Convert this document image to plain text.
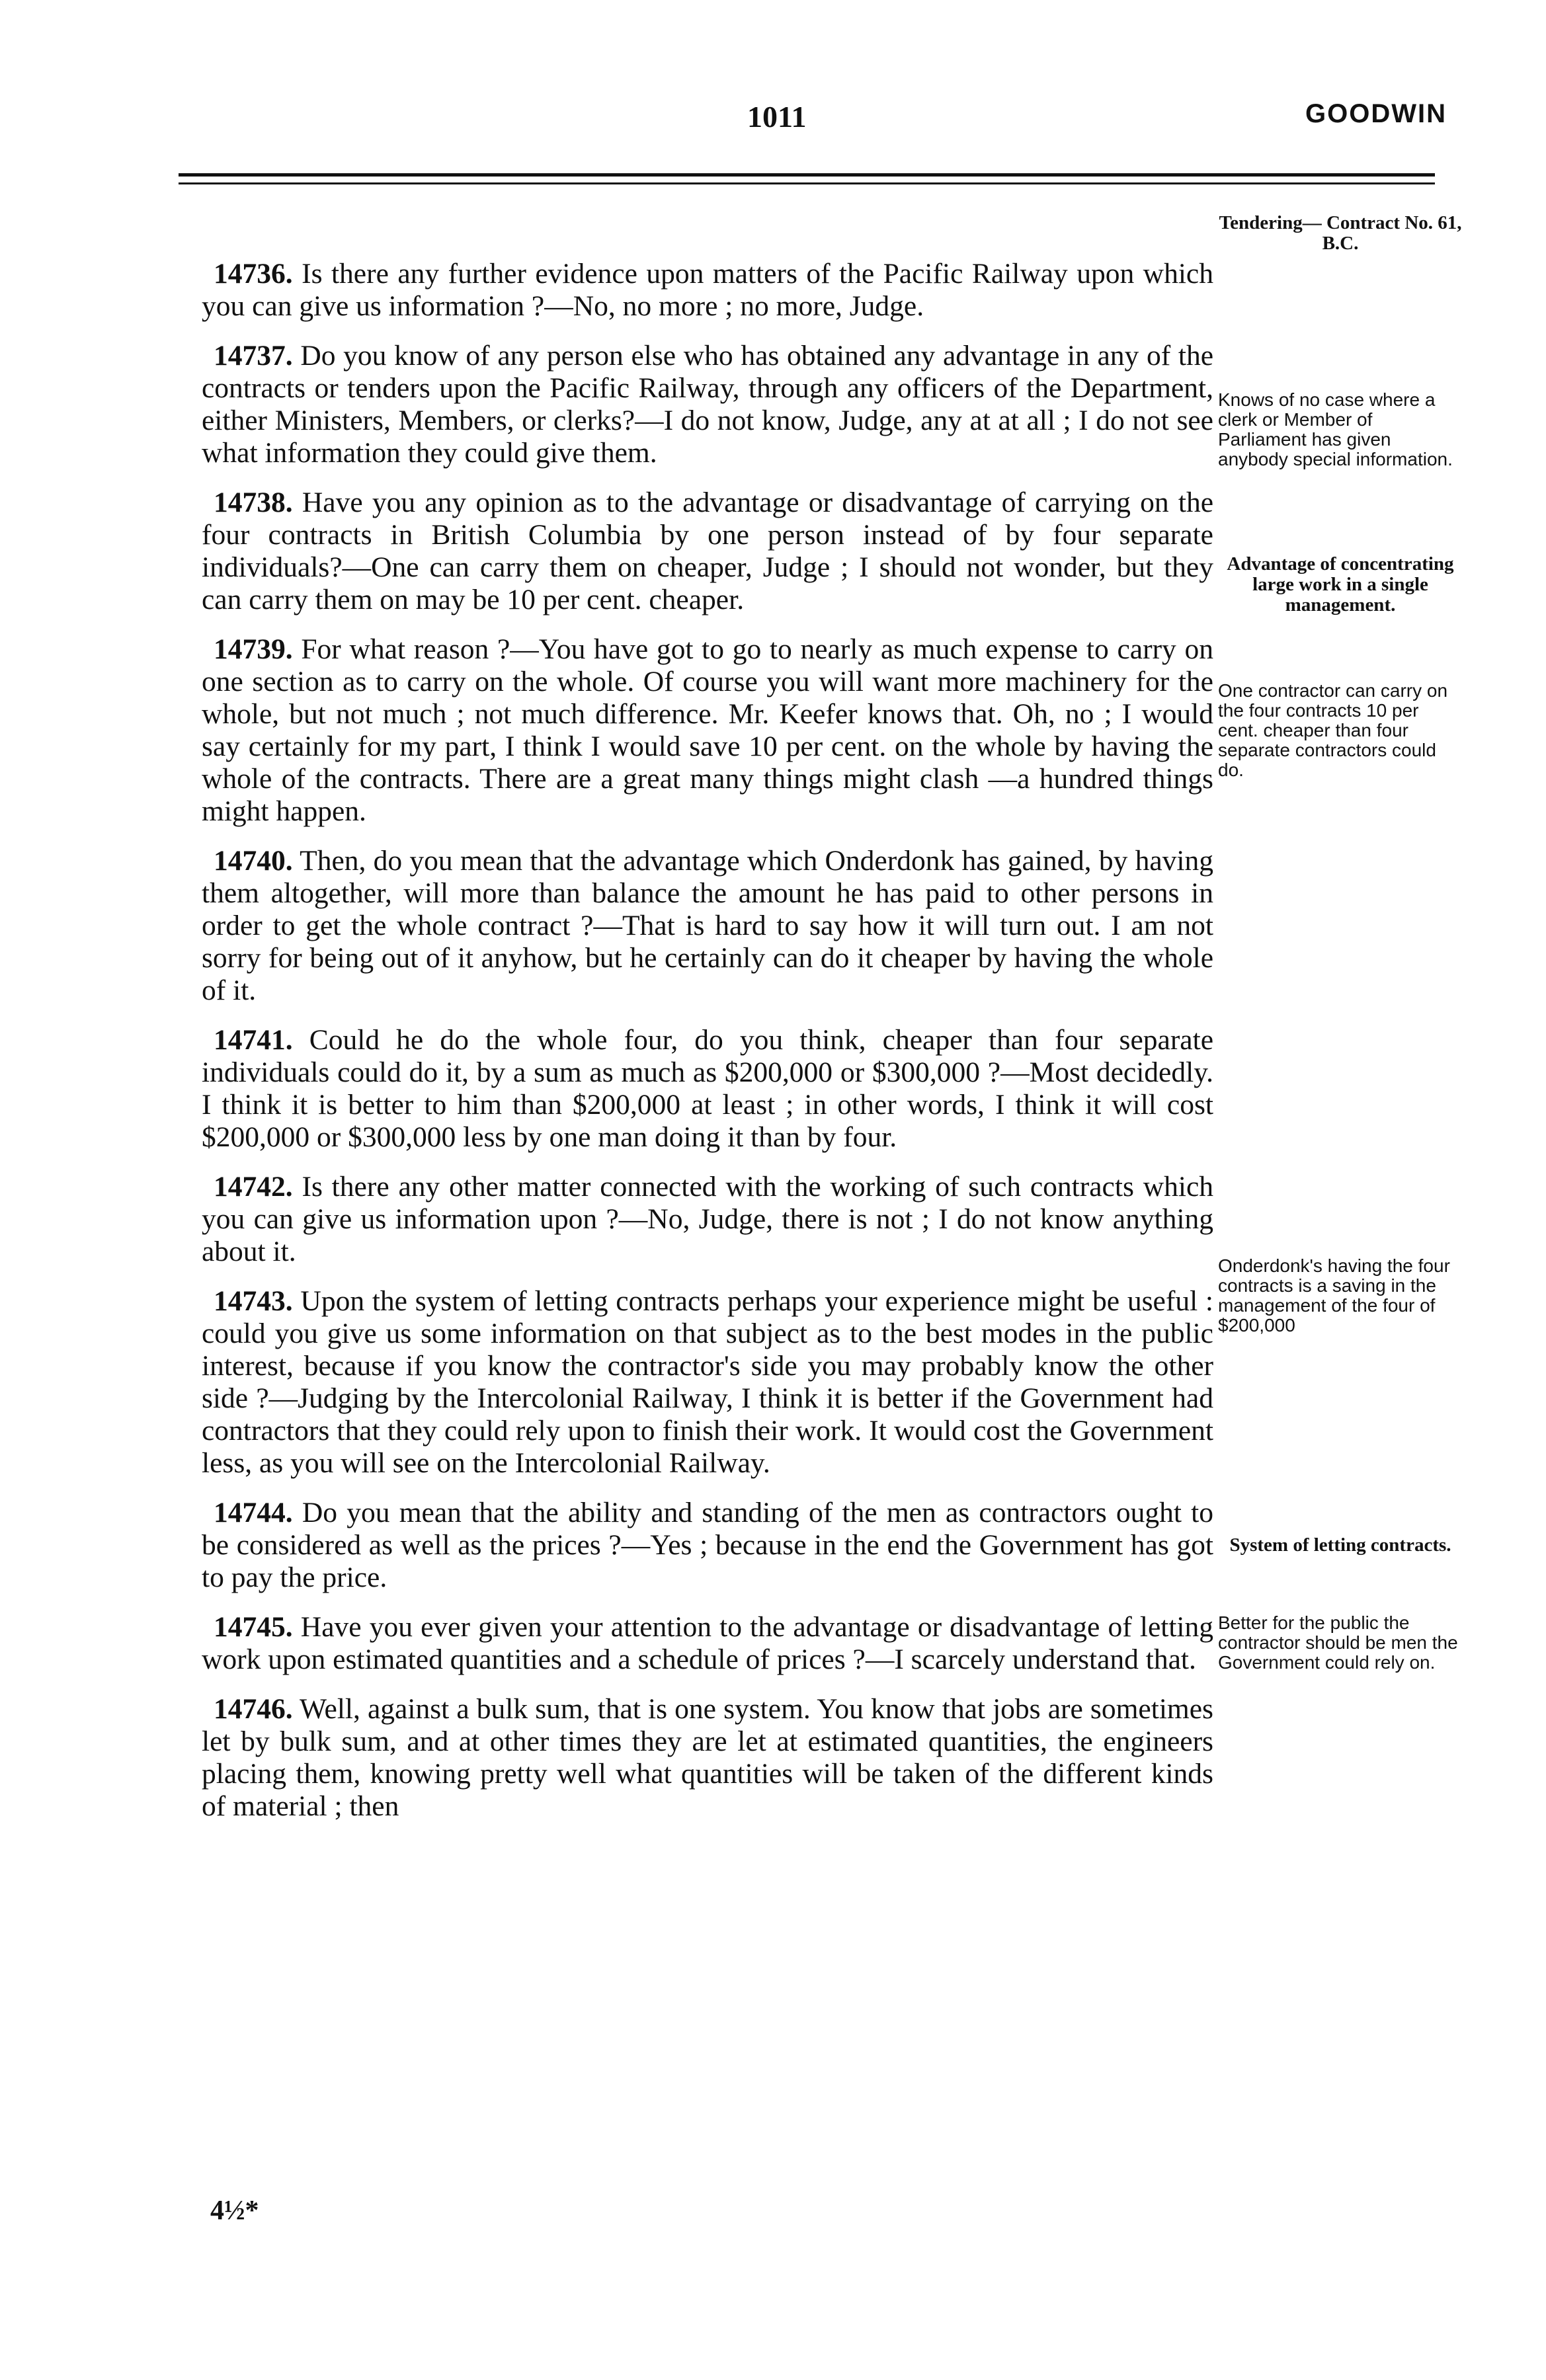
1011	GOODWIN

14736. Is there any further evidence upon matters of the Pacific Railway upon which you can give us information ?—No, no more ; no more, Judge.

14737. Do you know of any person else who has obtained any advantage in any of the contracts or tenders upon the Pacific Railway, through any officers of the Department, either Ministers, Members, or clerks?—I do not know, Judge, any at at all ; I do not see what information they could give them.

14738. Have you any opinion as to the advantage or disadvantage of carrying on the four contracts in British Columbia by one person instead of by four separate individuals?—One can carry them on cheaper, Judge ; I should not wonder, but they can carry them on may be 10 per cent. cheaper.

14739. For what reason ?—You have got to go to nearly as much expense to carry on one section as to carry on the whole. Of course you will want more machinery for the whole, but not much ; not much difference. Mr. Keefer knows that. Oh, no ; I would say certainly for my part, I think I would save 10 per cent. on the whole by having the whole of the contracts. There are a great many things might clash —a hundred things might happen.

14740. Then, do you mean that the advantage which Onderdonk has gained, by having them altogether, will more than balance the amount he has paid to other persons in order to get the whole contract ?—That is hard to say how it will turn out. I am not sorry for being out of it anyhow, but he certainly can do it cheaper by having the whole of it.

14741. Could he do the whole four, do you think, cheaper than four separate individuals could do it, by a sum as much as $200,000 or $300,000 ?—Most decidedly. I think it is better to him than $200,000 at least ; in other words, I think it will cost $200,000 or $300,000 less by one man doing it than by four.

14742. Is there any other matter connected with the working of such contracts which you can give us information upon ?—No, Judge, there is not ; I do not know anything about it.

14743. Upon the system of letting contracts perhaps your experience might be useful : could you give us some information on that subject as to the best modes in the public interest, because if you know the contractor's side you may probably know the other side ?—Judging by the Intercolonial Railway, I think it is better if the Government had contractors that they could rely upon to finish their work. It would cost the Government less, as you will see on the Intercolonial Railway.

14744. Do you mean that the ability and standing of the men as contractors ought to be considered as well as the prices ?—Yes ; because in the end the Government has got to pay the price.

14745. Have you ever given your attention to the advantage or disadvantage of letting work upon estimated quantities and a schedule of prices ?—I scarcely understand that.

14746. Well, against a bulk sum, that is one system. You know that jobs are sometimes let by bulk sum, and at other times they are let at estimated quantities, the engineers placing them, knowing pretty well what quantities will be taken of the different kinds of material ; then

Tendering— Contract No. 61, B.C.
Knows of no case where a clerk or Member of Parliament has given anybody special information.
Advantage of concentrating large work in a single management.
One contractor can carry on the four contracts 10 per cent. cheaper than four separate contractors could do.
Onderdonk's having the four contracts is a saving in the management of the four of $200,000
System of letting contracts.
Better for the public the contractor should be men the Government could rely on.
4½*
